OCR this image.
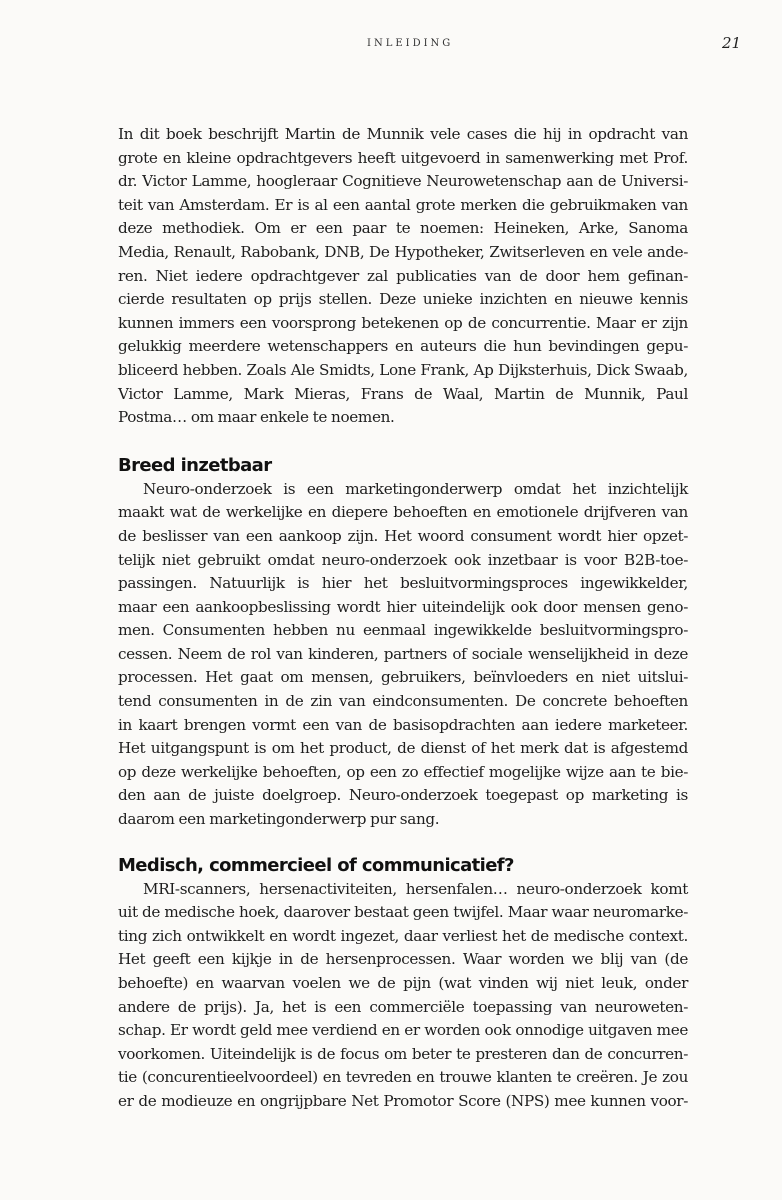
INLEIDING	21
In dit boek beschrijft Martin de Munnik vele cases die hij in opdracht van
grote en kleine opdrachtgevers heeft uitgevoerd in samenwerking met Prof.
dr. Victor Lamme, hoogleraar Cognitieve Neurowetenschap aan de Universi-
teit van Amsterdam. Er is al een aantal grote merken die gebruikmaken van
deze methodiek. Om er een paar te noemen: Heineken, Arke, Sanoma
Media, Renault, Rabobank, DNB, De Hypotheker, Zwitserleven en vele ande-
ren. Niet iedere opdrachtgever zal publicaties van de door hem gefinan-
cierde resultaten op prijs stellen. Deze unieke inzichten en nieuwe kennis
kunnen immers een voorsprong betekenen op de concurrentie. Maar er zijn
gelukkig meerdere wetenschappers en auteurs die hun bevindingen gepu-
bliceerd hebben. Zoals Ale Smidts, Lone Frank, Ap Dijksterhuis, Dick Swaab,
Victor Lamme, Mark Mieras, Frans de Waal, Martin de Munnik, Paul
Postma… om maar enkele te noemen.
Breed inzetbaar
Neuro-onderzoek is een marketingonderwerp omdat het inzichtelijk
maakt wat de werkelijke en diepere behoeften en emotionele drijfveren van
de beslisser van een aankoop zijn. Het woord consument wordt hier opzet-
telijk niet gebruikt omdat neuro-onderzoek ook inzetbaar is voor B2B-toe-
passingen. Natuurlijk is hier het besluitvormingsproces ingewikkelder,
maar een aankoopbeslissing wordt hier uiteindelijk ook door mensen geno-
men. Consumenten hebben nu eenmaal ingewikkelde besluitvormingspro-
cessen. Neem de rol van kinderen, partners of sociale wenselijkheid in deze
processen. Het gaat om mensen, gebruikers, beïnvloeders en niet uitslui-
tend consumenten in de zin van eindconsumenten. De concrete behoeften
in kaart brengen vormt een van de basisopdrachten aan iedere marketeer.
Het uitgangspunt is om het product, de dienst of het merk dat is afgestemd
op deze werkelijke behoeften, op een zo effectief mogelijke wijze aan te bie-
den aan de juiste doelgroep. Neuro-onderzoek toegepast op marketing is
daarom een marketingonderwerp pur sang.
Medisch, commercieel of communicatief?
MRI-scanners, hersenactiviteiten, hersenfalen… neuro-onderzoek komt
uit de medische hoek, daarover bestaat geen twijfel. Maar waar neuromarke-
ting zich ontwikkelt en wordt ingezet, daar verliest het de medische context.
Het geeft een kijkje in de hersenprocessen. Waar worden we blij van (de
behoefte) en waarvan voelen we de pijn (wat vinden wij niet leuk, onder
andere de prijs). Ja, het is een commerciële toepassing van neuroweten-
schap. Er wordt geld mee verdiend en er worden ook onnodige uitgaven mee
voorkomen. Uiteindelijk is de focus om beter te presteren dan de concurren-
tie (concurentieelvoordeel) en tevreden en trouwe klanten te creëren. Je zou
er de modieuze en ongrijpbare Net Promotor Score (NPS) mee kunnen voor-
